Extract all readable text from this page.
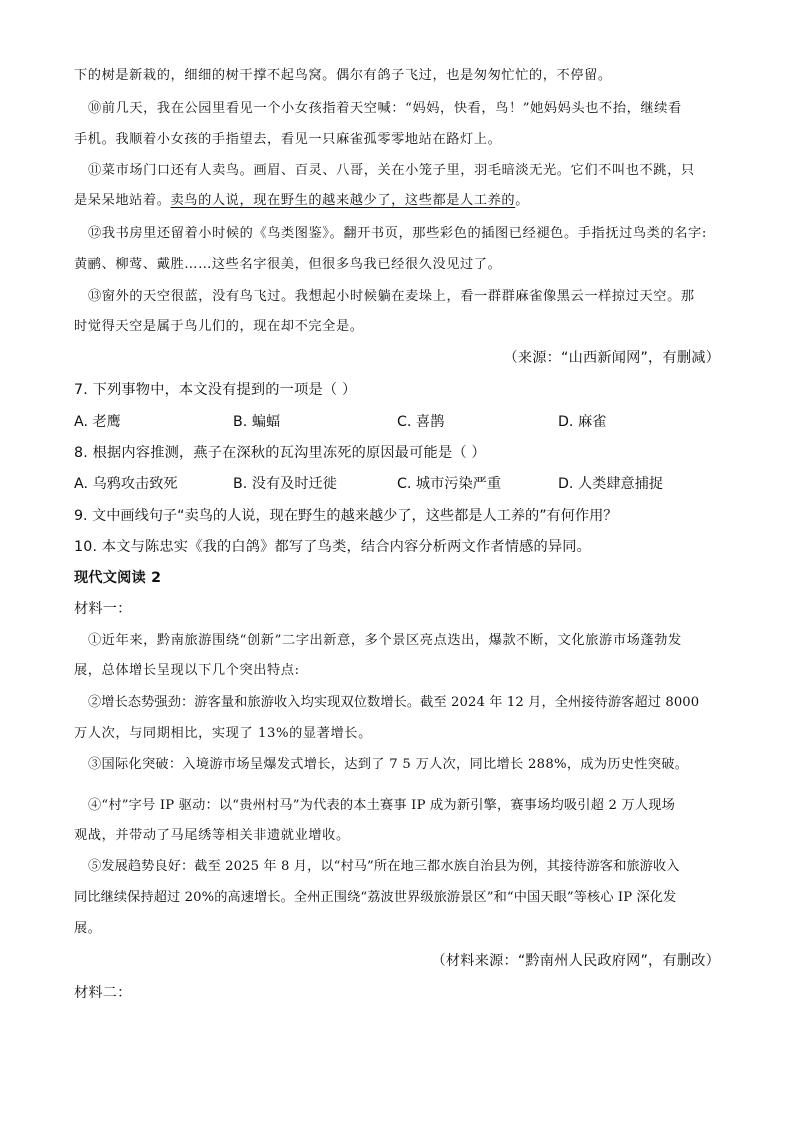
下的树是新栽的，细细的树干撑不起鸟窝。偶尔有鸽子飞过，也是匆匆忙忙的，不停留。
⑩前几天，我在公园里看见一个小女孩指着天空喊：“妈妈，快看，鸟！”她妈妈头也不抬，继续看
手机。我顺着小女孩的手指望去，看见一只麻雀孤零零地站在路灯上。
⑪菜市场门口还有人卖鸟。画眉、百灵、八哥，关在小笼子里，羽毛暗淡无光。它们不叫也不跳，只
是呆呆地站着。卖鸟的人说，现在野生的越来越少了，这些都是人工养的。
⑫我书房里还留着小时候的《鸟类图鉴》。翻开书页，那些彩色的插图已经褪色。手指抚过鸟类的名字:
黄鹂、柳莺、戴胜……这些名字很美，但很多鸟我已经很久没见过了。
⑬窗外的天空很蓝，没有鸟飞过。我想起小时候躺在麦垛上，看一群群麻雀像黑云一样掠过天空。那
时觉得天空是属于鸟儿们的，现在却不完全是。
（来源：“山西新闻网”，有删减）
7. 下列事物中，本文没有提到的一项是（ ）
A. 老鹰	B. 蝙蝠	C. 喜鹊	D. 麻雀
8. 根据内容推测，燕子在深秋的瓦沟里冻死的原因最可能是（ ）
A. 乌鸦攻击致死	B. 没有及时迁徙	C. 城市污染严重	D. 人类肆意捕捉
9. 文中画线句子“卖鸟的人说，现在野生的越来越少了，这些都是人工养的”有何作用？
10. 本文与陈忠实《我的白鸽》都写了鸟类，结合内容分析两文作者情感的异同。
现代文阅读 2
材料一：
①近年来，黔南旅游围绕“创新”二字出新意，多个景区亮点迭出，爆款不断，文化旅游市场蓬勃发
展，总体增长呈现以下几个突出特点:
②增长态势强劲：游客量和旅游收入均实现双位数增长。截至 2024 年 12 月，全州接待游客超过 8000
万人次，与同期相比，实现了 13%的显著增长。
③国际化突破：入境游市场呈爆发式增长，达到了 7 5 万人次，同比增长 288%，成为历史性突破。
④“村”字号 IP 驱动：以“贵州村马”为代表的本土赛事 IP 成为新引擎，赛事场均吸引超 2 万人现场
观战，并带动了马尾绣等相关非遗就业增收。
⑤发展趋势良好：截至 2025 年 8 月，以“村马”所在地三都水族自治县为例，其接待游客和旅游收入
同比继续保持超过 20%的高速增长。全州正围绕“荔波世界级旅游景区”和“中国天眼”等核心 IP 深化发
展。
（材料来源：“黔南州人民政府网”，有删改）
材料二：
